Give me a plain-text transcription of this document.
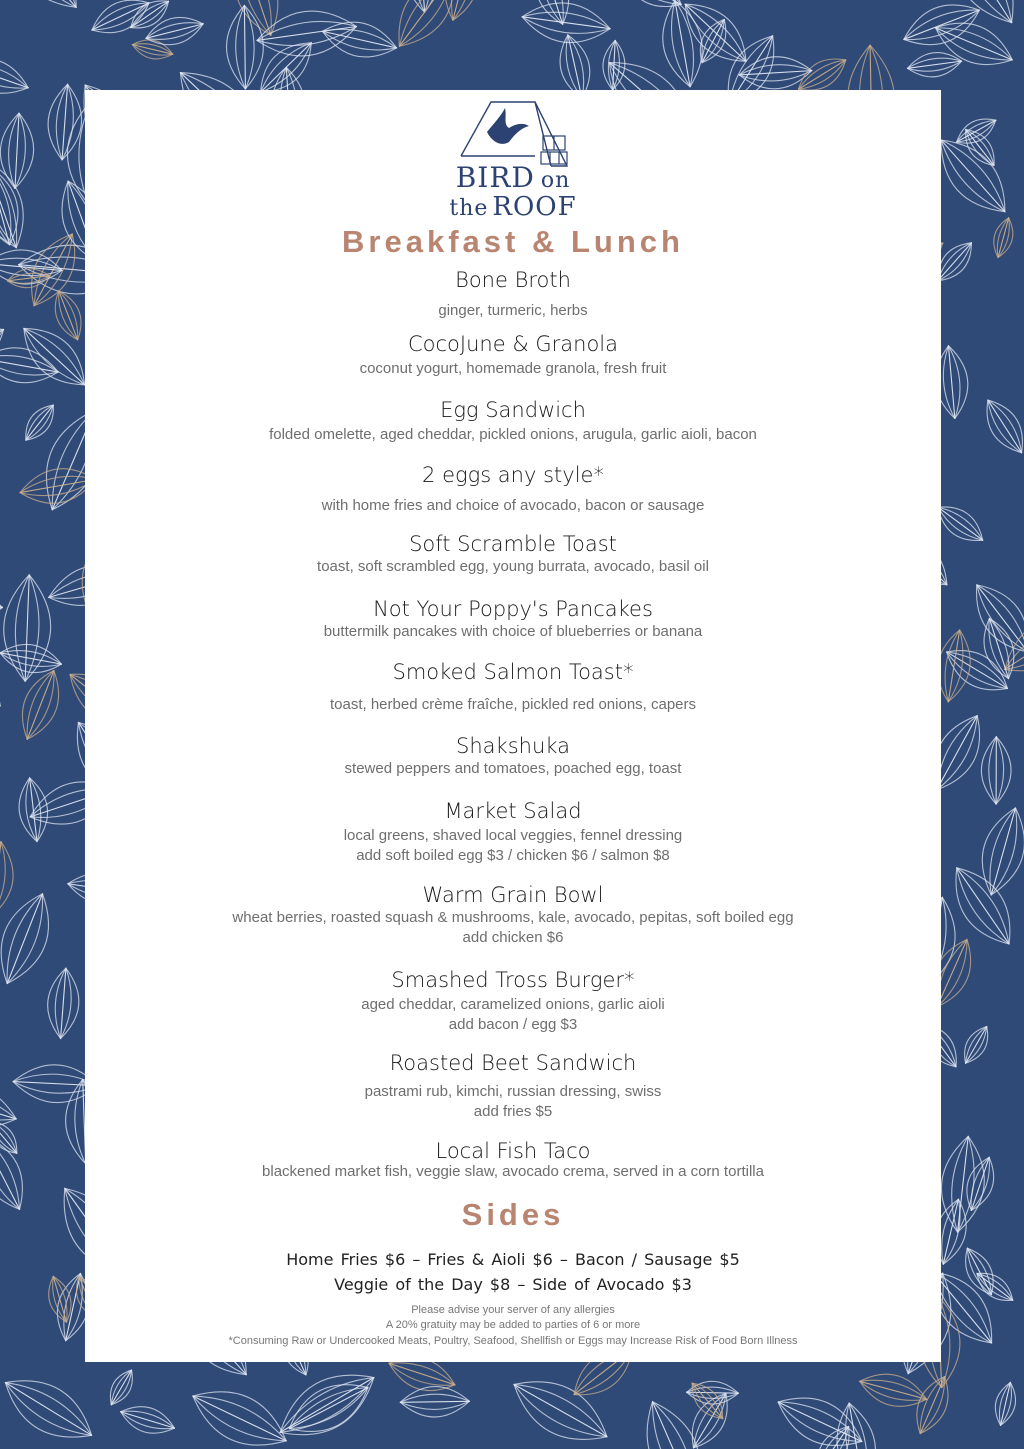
BIRD on
the ROOF
Breakfast & Lunch
Bone Broth
ginger, turmeric, herbs
CocoJune & Granola
coconut yogurt, homemade granola, fresh fruit
Egg Sandwich
folded omelette, aged cheddar, pickled onions, arugula, garlic aioli, bacon
2 eggs any style*
with home fries and choice of avocado, bacon or sausage
Soft Scramble Toast
toast, soft scrambled egg, young burrata, avocado, basil oil
Not Your Poppy's Pancakes
buttermilk pancakes with choice of blueberries or banana
Smoked Salmon Toast*
toast, herbed crème fraîche, pickled red onions, capers
Shakshuka
stewed peppers and tomatoes, poached egg, toast
Market Salad
local greens, shaved local veggies, fennel dressing
add soft boiled egg $3 / chicken $6 / salmon $8
Warm Grain Bowl
wheat berries, roasted squash & mushrooms, kale, avocado, pepitas, soft boiled egg
add chicken $6
Smashed Tross Burger*
aged cheddar, caramelized onions, garlic aioli
add bacon / egg $3
Roasted Beet Sandwich
pastrami rub, kimchi, russian dressing, swiss
add fries $5
Local Fish Taco
blackened market fish, veggie slaw, avocado crema, served in a corn tortilla
Sides
Home Fries $6 – Fries & Aioli $6 – Bacon / Sausage $5
Veggie of the Day $8 – Side of Avocado $3
Please advise your server of any allergies
A 20% gratuity may be added to parties of 6 or more
*Consuming Raw or Undercooked Meats, Poultry, Seafood, Shellfish or Eggs may Increase Risk of Food Born Illness
